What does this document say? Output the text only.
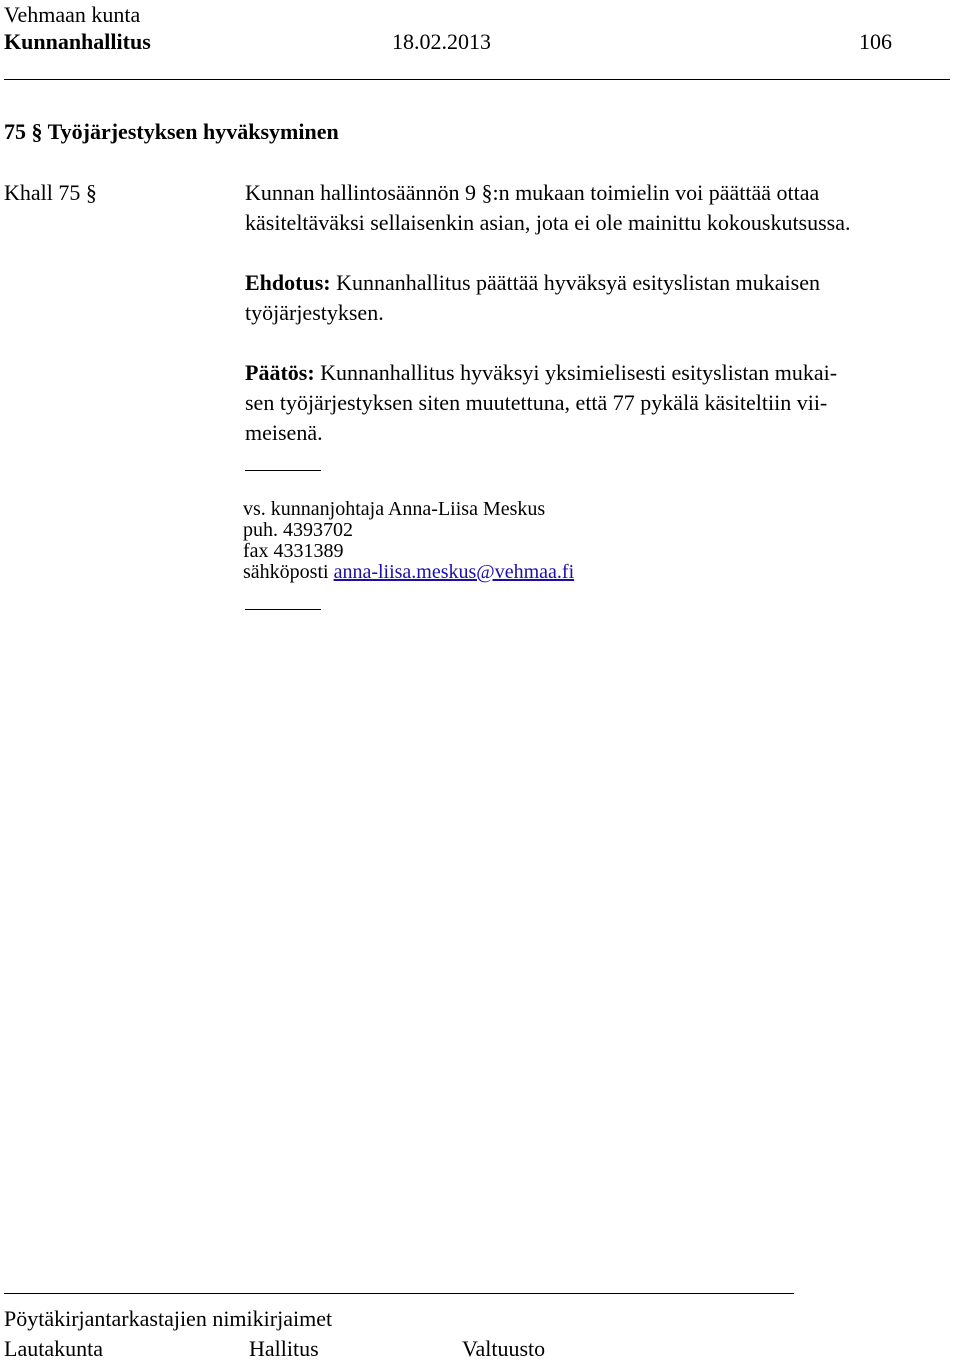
Vehmaan kunta
Kunnanhallitus	18.02.2013	106
75 § Työjärjestyksen hyväksyminen
Khall 75 §	Kunnan hallintosäännön 9 §:n mukaan toimielin voi päättää ottaa
käsiteltäväksi sellaisenkin asian, jota ei ole mainittu kokouskutsussa.
Ehdotus: Kunnanhallitus päättää hyväksyä esityslistan mukaisen
työjärjestyksen.
Päätös: Kunnanhallitus hyväksyi yksimielisesti esityslistan mukai-
sen työjärjestyksen siten muutettuna, että 77 pykälä käsiteltiin vii-
meisenä.
vs. kunnanjohtaja Anna-Liisa Meskus
puh. 4393702
fax 4331389
sähköposti anna-liisa.meskus@vehmaa.fi
Pöytäkirjantarkastajien nimikirjaimet
Lautakunta	Hallitus	Valtuusto
